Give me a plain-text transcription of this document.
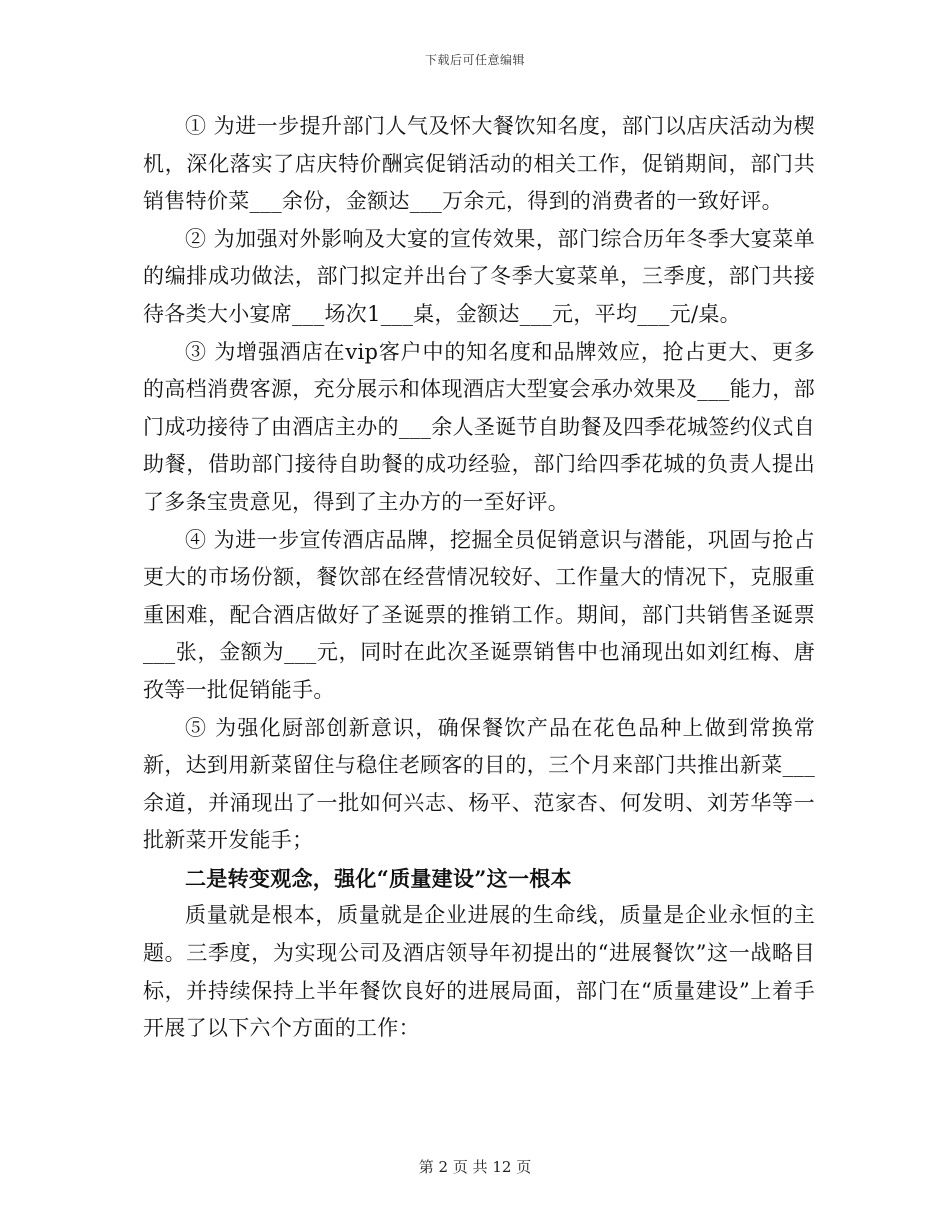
下载后可任意编辑

① 为进一步提升部门人气及怀大餐饮知名度，部门以店庆活动为楔机，深化落实了店庆特价酬宾促销活动的相关工作，促销期间，部门共销售特价菜___余份，金额达___万余元，得到的消费者的一致好评。

② 为加强对外影响及大宴的宣传效果，部门综合历年冬季大宴菜单的编排成功做法，部门拟定并出台了冬季大宴菜单，三季度，部门共接待各类大小宴席___场次1___桌，金额达___元，平均___元/桌。

③ 为增强酒店在vip客户中的知名度和品牌效应，抢占更大、更多的高档消费客源，充分展示和体现酒店大型宴会承办效果及___能力，部门成功接待了由酒店主办的___余人圣诞节自助餐及四季花城签约仪式自助餐，借助部门接待自助餐的成功经验，部门给四季花城的负责人提出了多条宝贵意见，得到了主办方的一至好评。

④ 为进一步宣传酒店品牌，挖掘全员促销意识与潜能，巩固与抢占更大的市场份额，餐饮部在经营情况较好、工作量大的情况下，克服重重困难，配合酒店做好了圣诞票的推销工作。期间，部门共销售圣诞票___张，金额为___元，同时在此次圣诞票销售中也涌现出如刘红梅、唐孜等一批促销能手。

⑤ 为强化厨部创新意识，确保餐饮产品在花色品种上做到常换常新，达到用新菜留住与稳住老顾客的目的，三个月来部门共推出新菜___余道，并涌现出了一批如何兴志、杨平、范家杏、何发明、刘芳华等一批新菜开发能手；

二是转变观念，强化“质量建设”这一根本

质量就是根本，质量就是企业进展的生命线，质量是企业永恒的主题。三季度，为实现公司及酒店领导年初提出的“进展餐饮”这一战略目标，并持续保持上半年餐饮良好的进展局面，部门在“质量建设”上着手开展了以下六个方面的工作：

第 2 页 共 12 页
